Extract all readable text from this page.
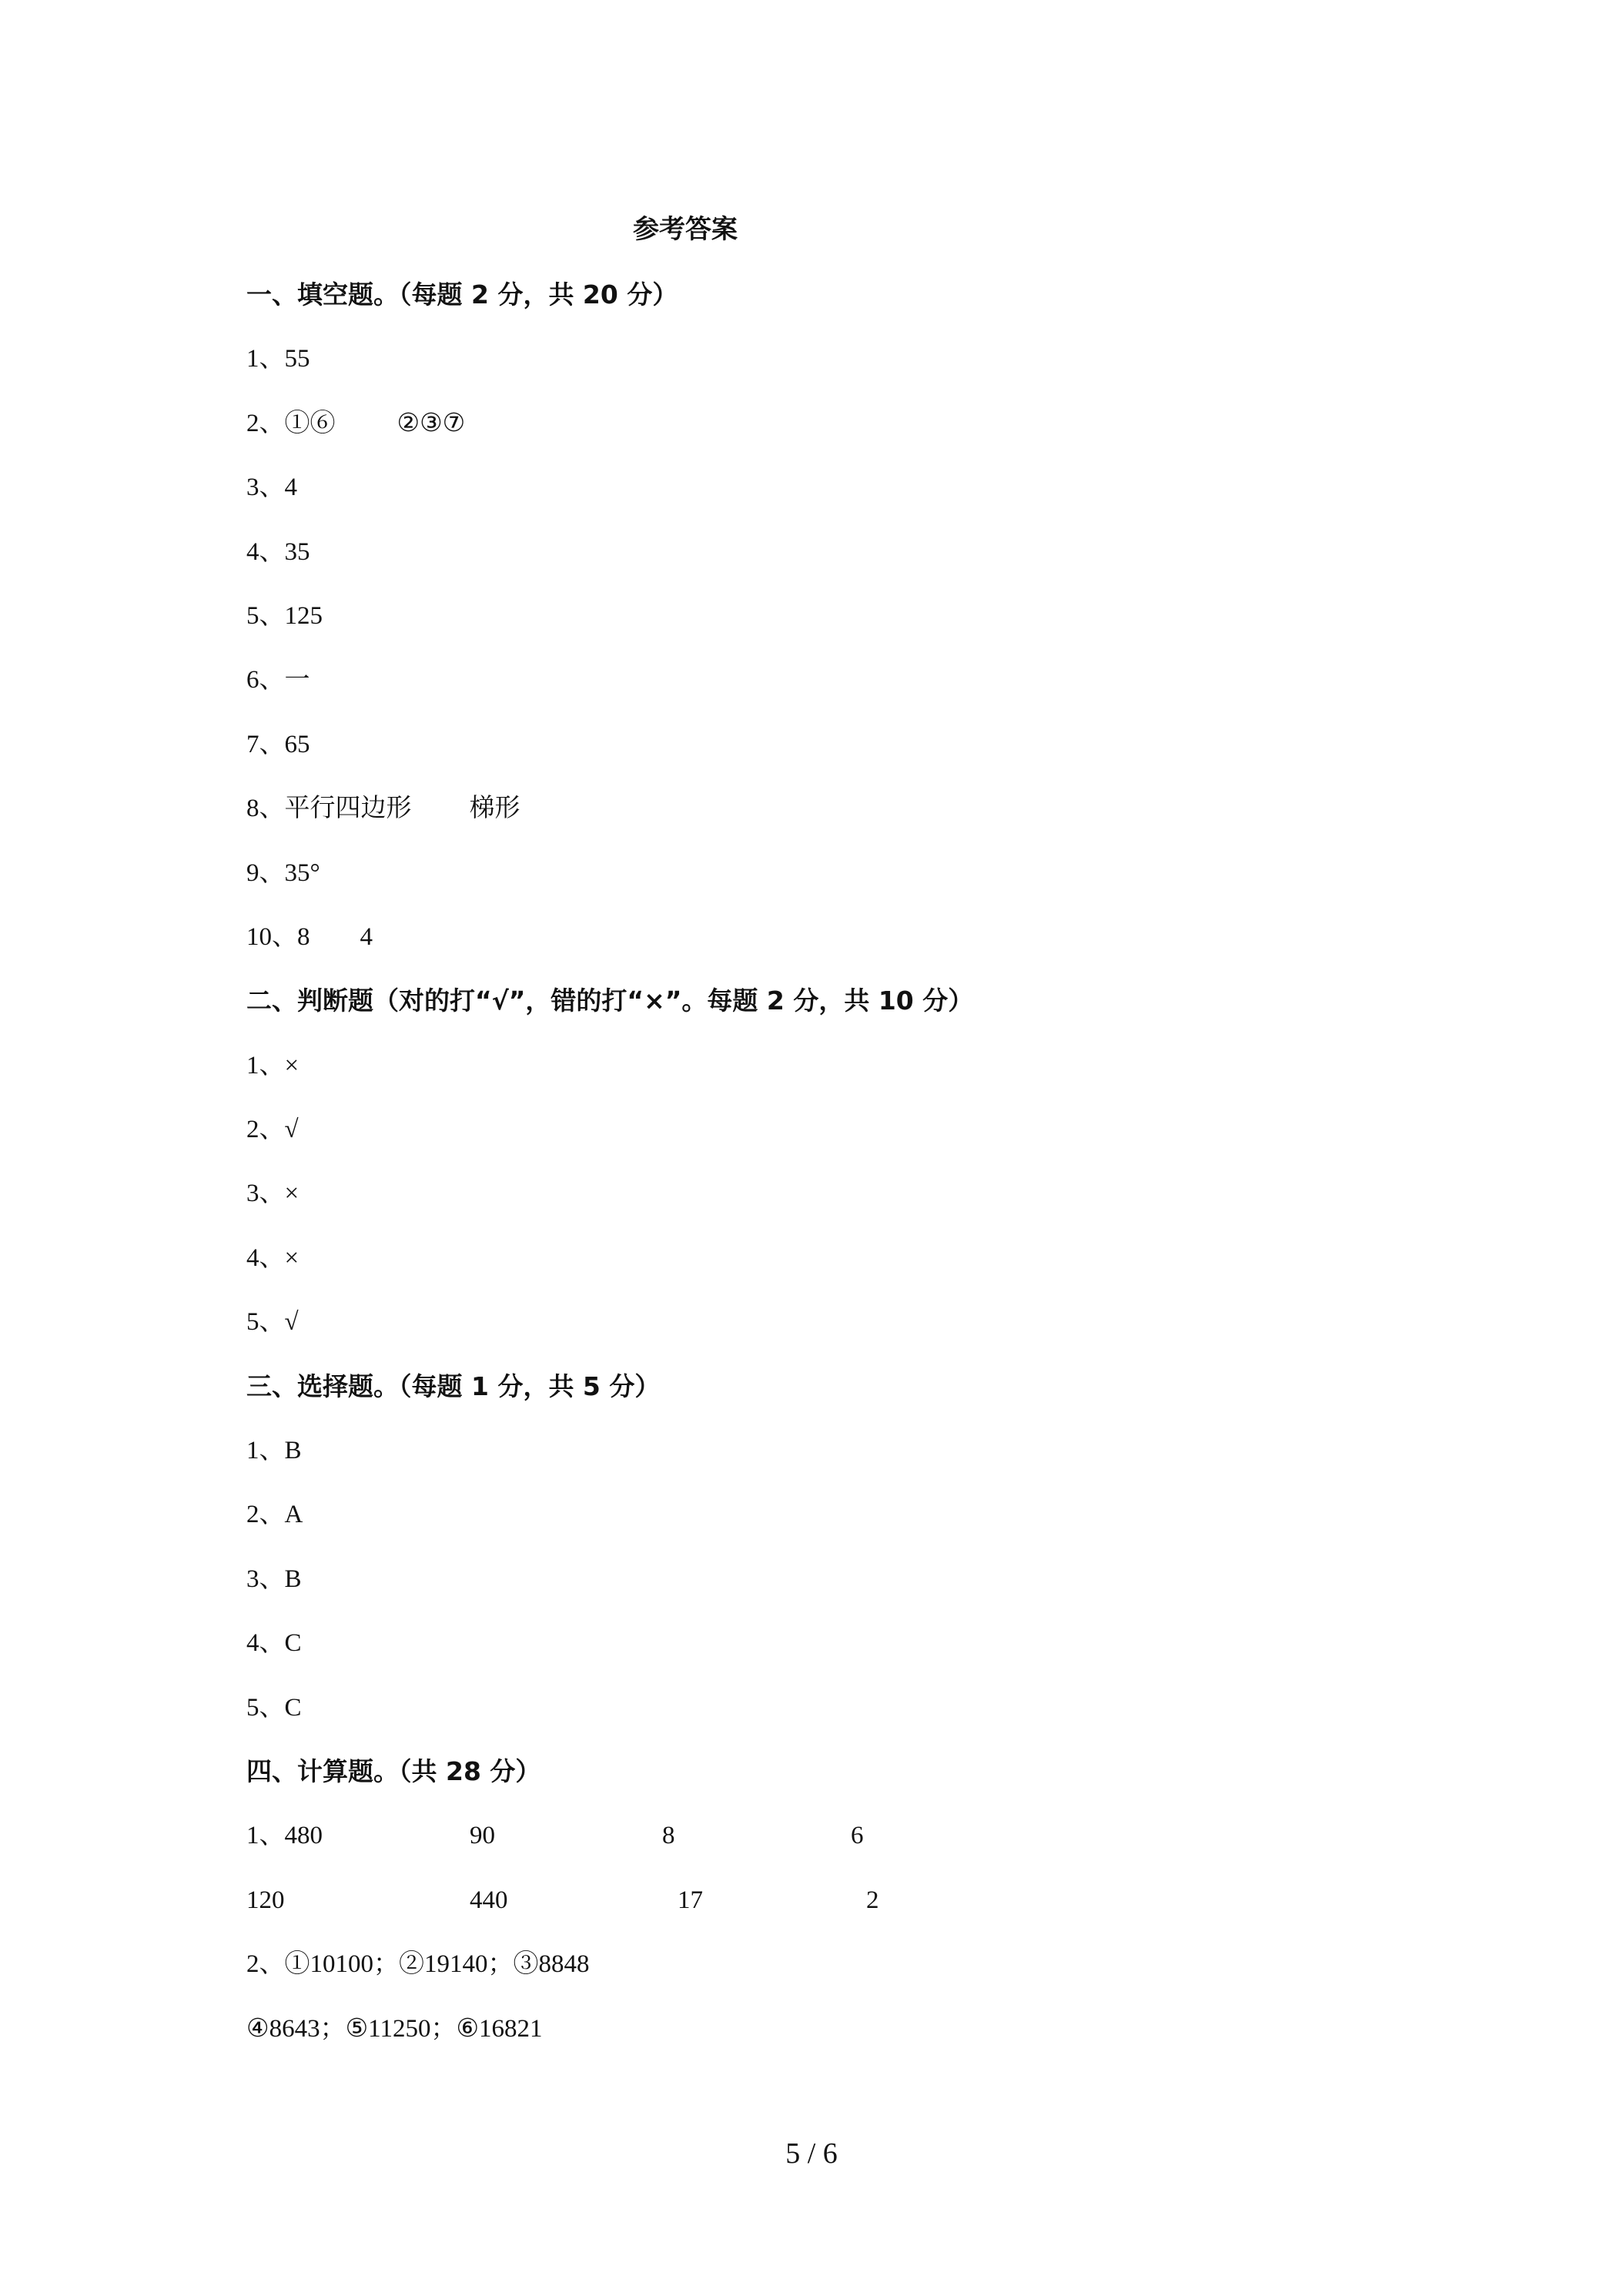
参考答案
一、填空题。（每题 2 分，共 20 分）
1、55
2、①⑥ ②③⑦
3、4
4、35
5、125
6、一
7、65
8、平行四边形 梯形
9、35°
10、8 4
二、判断题（对的打“√”，错的打“×”。每题 2 分，共 10 分）
1、×
2、√
3、×
4、×
5、√
三、选择题。（每题 1 分，共 5 分）
1、B
2、A
3、B
4、C
5、C
四、计算题。（共 28 分）
1、480	90	8	6
120	440	17	2
2、①10100；②19140；③8848
④8643；⑤11250；⑥16821
5 / 6
